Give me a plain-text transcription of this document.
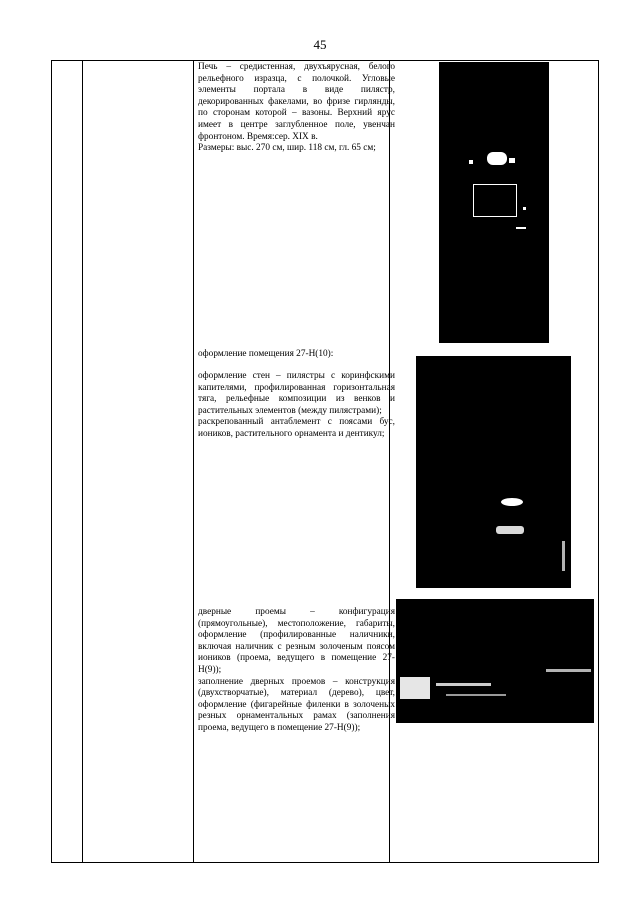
45

Печь – средистенная, двухъярусная, белого рельефного изразца, с полочкой. Угловые элементы портала в виде пилястр, декорированных факелами, во фризе гирлянды, по сторонам которой – вазоны. Верхний ярус имеет в центре заглубленное поле, увенчан фронтоном. Время:сер. XIX в.

Размеры: выс. 270 см, шир. 118 см, гл. 65 см;

оформление помещения 27-Н(10):

оформление стен – пилястры с коринфскими капителями, профилированная горизонтальная тяга, рельефные композиции из венков и растительных элементов (между пилястрами);

раскрепованный антаблемент с поясами бус, иоников, растительного орнамента и дентикул;

дверные проемы – конфигурация (прямоугольные), местоположение, габариты, оформление (профилированные наличники, включая наличник с резным золоченым поясом иоников (проема, ведущего в помещение 27-Н(9));

заполнение дверных проемов – конструкция (двухстворчатые), материал (дерево), цвет, оформление (фигарейные филенки в золоченых резных орнаментальных рамах (заполнения проема, ведущего в помещение 27-Н(9));
